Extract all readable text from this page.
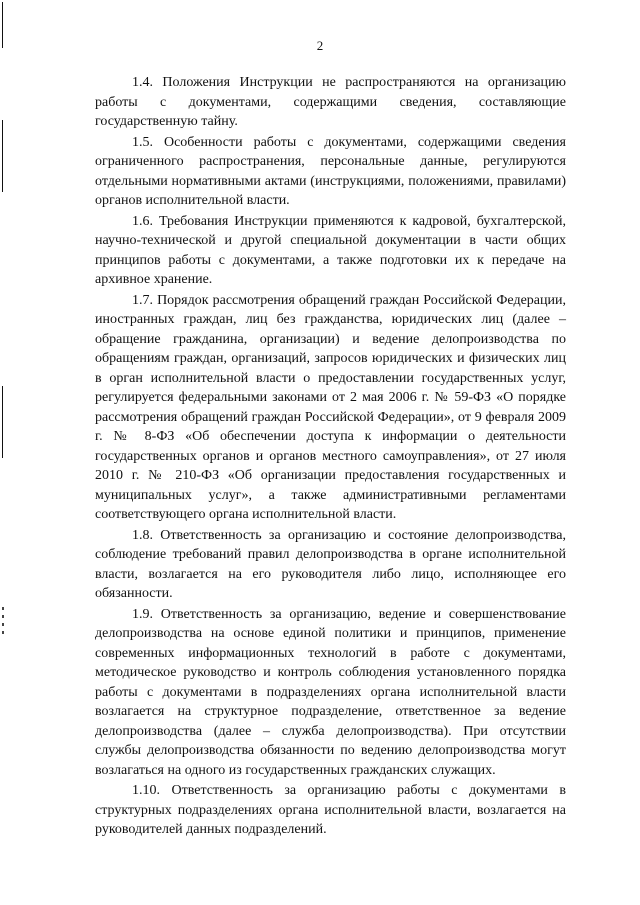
2

1.4. Положения Инструкции не распространяются на организацию работы с документами, содержащими сведения, составляющие государственную тайну.

1.5. Особенности работы с документами, содержащими сведения ограниченного распространения, персональные данные, регулируются отдельными нормативными актами (инструкциями, положениями, правилами) органов исполнительной власти.

1.6. Требования Инструкции применяются к кадровой, бухгалтерской, научно-технической и другой специальной документации в части общих принципов работы с документами, а также подготовки их к передаче на архивное хранение.

1.7. Порядок рассмотрения обращений граждан Российской Федерации, иностранных граждан, лиц без гражданства, юридических лиц (далее – обращение гражданина, организации) и ведение делопроизводства по обращениям граждан, организаций, запросов юридических и физических лиц в орган исполнительной власти о предоставлении государственных услуг, регулируется федеральными законами от 2 мая 2006 г. № 59-ФЗ «О порядке рассмотрения обращений граждан Российской Федерации», от 9 февраля 2009 г. № 8-ФЗ «Об обеспечении доступа к информации о деятельности государственных органов и органов местного самоуправления», от 27 июля 2010 г. № 210-ФЗ «Об организации предоставления государственных и муниципальных услуг», а также административными регламентами соответствующего органа исполнительной власти.

1.8. Ответственность за организацию и состояние делопроизводства, соблюдение требований правил делопроизводства в органе исполнительной власти, возлагается на его руководителя либо лицо, исполняющее его обязанности.

1.9. Ответственность за организацию, ведение и совершенствование делопроизводства на основе единой политики и принципов, применение современных информационных технологий в работе с документами, методическое руководство и контроль соблюдения установленного порядка работы с документами в подразделениях органа исполнительной власти возлагается на структурное подразделение, ответственное за ведение делопроизводства (далее – служба делопроизводства). При отсутствии службы делопроизводства обязанности по ведению делопроизводства могут возлагаться на одного из государственных гражданских служащих.

1.10. Ответственность за организацию работы с документами в структурных подразделениях органа исполнительной власти, возлагается на руководителей данных подразделений.
